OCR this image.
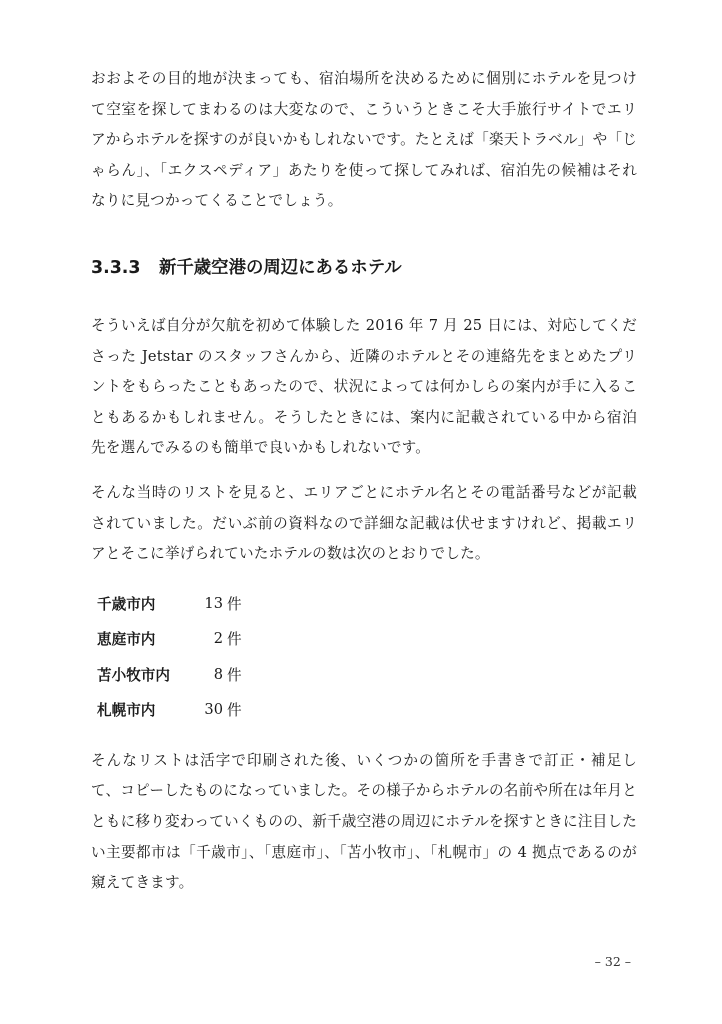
おおよその目的地が決まっても、宿泊場所を決めるために個別にホテルを見つけて空室を探してまわるのは大変なので、こういうときこそ大手旅行サイトでエリアからホテルを探すのが良いかもしれないです。たとえば「楽天トラベル」や「じゃらん」、「エクスペディア」あたりを使って探してみれば、宿泊先の候補はそれなりに見つかってくることでしょう。

3.3.3	新千歳空港の周辺にあるホテル

そういえば自分が欠航を初めて体験した 2016 年 7 月 25 日には、対応してくださった Jetstar のスタッフさんから、近隣のホテルとその連絡先をまとめたプリントをもらったこともあったので、状況によっては何かしらの案内が手に入ることもあるかもしれません。そうしたときには、案内に記載されている中から宿泊先を選んでみるのも簡単で良いかもしれないです。

そんな当時のリストを見ると、エリアごとにホテル名とその電話番号などが記載されていました。だいぶ前の資料なので詳細な記載は伏せますけれど、掲載エリアとそこに挙げられていたホテルの数は次のとおりでした。

千歳市内	13	件
恵庭市内	2	件
苫小牧市内	8	件
札幌市内	30	件

そんなリストは活字で印刷された後、いくつかの箇所を手書きで訂正・補足して、コピーしたものになっていました。その様子からホテルの名前や所在は年月とともに移り変わっていくものの、新千歳空港の周辺にホテルを探すときに注目したい主要都市は「千歳市」、「恵庭市」、「苫小牧市」、「札幌市」の 4 拠点であるのが窺えてきます。

– 32 –
